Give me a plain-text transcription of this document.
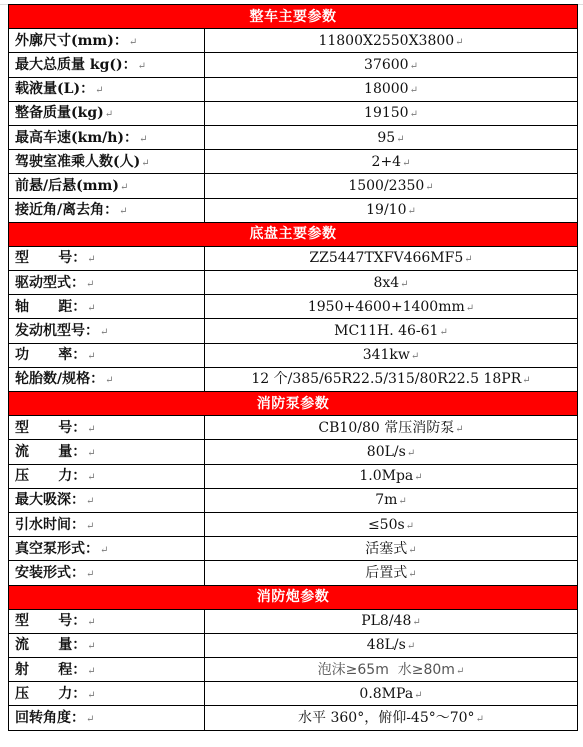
整车主要参数	
外廓尺寸(mm)：↵	11800X2550X3800↵
最大总质量 kg()：↵	37600↵
载液量(L)：↵	18000↵
整备质量(kg)↵	19150↵
最高车速(km/h)：↵	95↵
驾驶室准乘人数(人)↵	2+4↵
前悬/后悬(mm)↵	1500/2350↵
接近角/离去角：↵	19/10↵
底盘主要参数	
型      号：↵	ZZ5447TXFV466MF5↵
驱动型式：↵	8x4↵
轴      距：↵	1950+4600+1400mm↵
发动机型号：↵	MC11H. 46-61↵
功      率：↵	341kw↵
轮胎数/规格：↵	12 个/385/65R22.5/315/80R22.5 18PR↵
消防泵参数	
型      号：↵	CB10/80 常压消防泵↵
流      量：↵	80L/s↵
压      力：↵	1.0Mpa↵
最大吸深：↵	7m↵
引水时间：↵	≤50s↵
真空泵形式：↵	活塞式↵
安装形式：↵	后置式↵
消防炮参数	
型      号：↵	PL8/48↵
流      量：↵	48L/s↵
射      程：↵	泡沫≥65m  水≥80m↵
压      力：↵	0.8MPa↵
回转角度：↵	水平 360°，俯仰-45°～70°↵
